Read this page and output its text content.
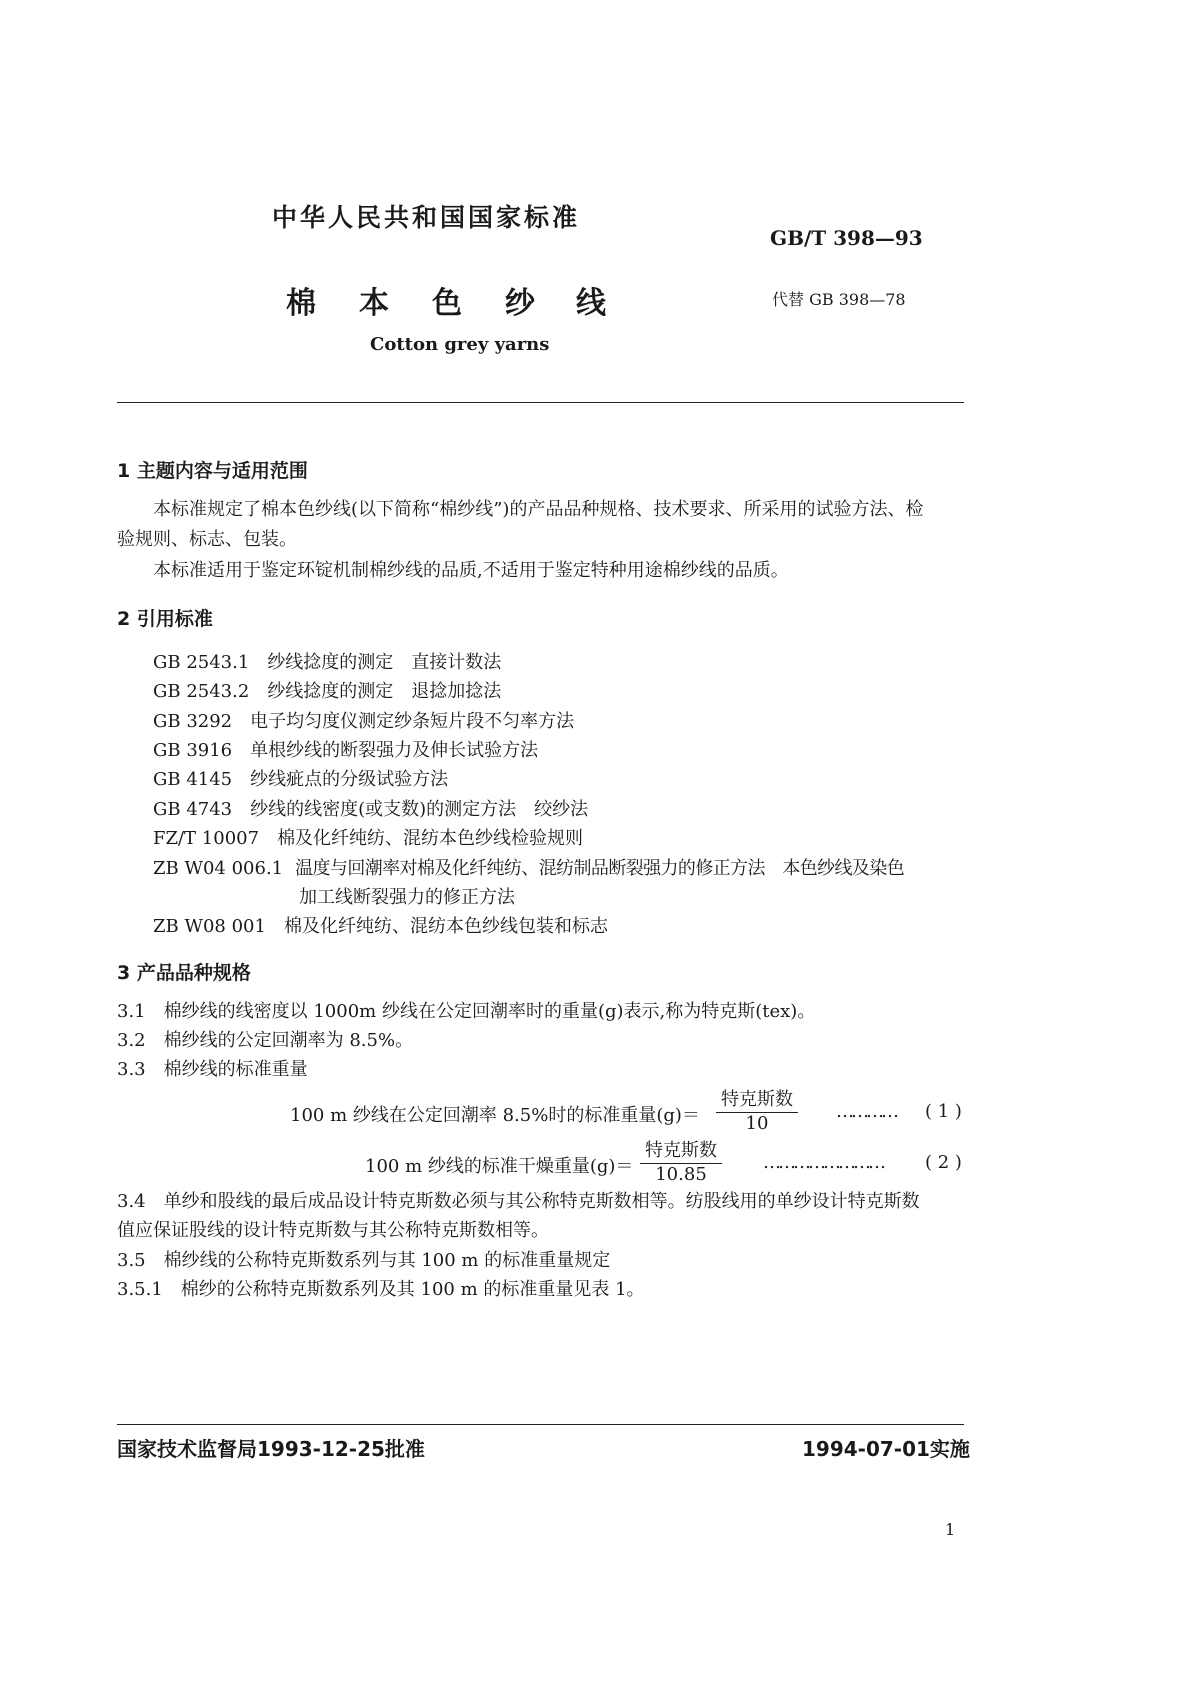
中华人民共和国国家标准
GB/T 398—93
棉 本 色 纱 线	代替 GB 398—78
Cotton grey yarns
1 主题内容与适用范围
本标准规定了棉本色纱线(以下简称“棉纱线”)的产品品种规格、技术要求、所采用的试验方法、检
验规则、标志、包装。
本标准适用于鉴定环锭机制棉纱线的品质,不适用于鉴定特种用途棉纱线的品质。
2 引用标准
GB 2543.1 纱线捻度的测定　直接计数法
GB 2543.2 纱线捻度的测定　退捻加捻法
GB 3292 电子均匀度仪测定纱条短片段不匀率方法
GB 3916 单根纱线的断裂强力及伸长试验方法
GB 4145 纱线疵点的分级试验方法
GB 4743 纱线的线密度(或支数)的测定方法　绞纱法
FZ/T 10007 棉及化纤纯纺、混纺本色纱线检验规则
ZB W04 006.1 温度与回潮率对棉及化纤纯纺、混纺制品断裂强力的修正方法　本色纱线及染色
加工线断裂强力的修正方法
ZB W08 001 棉及化纤纯纺、混纺本色纱线包装和标志
3 产品品种规格
3.1　棉纱线的线密度以 1000m 纱线在公定回潮率时的重量(g)表示,称为特克斯(tex)。
3.2　棉纱线的公定回潮率为 8.5%。
3.3　棉纱线的标准重量
100 m 纱线在公定回潮率 8.5%时的标准重量(g)＝
特克斯数
10
………… ( 1 )
100 m 纱线的标准干燥重量(g)＝
特克斯数
10.85
…………………… ( 2 )
3.4　单纱和股线的最后成品设计特克斯数必须与其公称特克斯数相等。纺股线用的单纱设计特克斯数
值应保证股线的设计特克斯数与其公称特克斯数相等。
3.5　棉纱线的公称特克斯数系列与其 100 m 的标准重量规定
3.5.1　棉纱的公称特克斯数系列及其 100 m 的标准重量见表 1。
国家技术监督局1993-12-25批准	1994-07-01实施
1
